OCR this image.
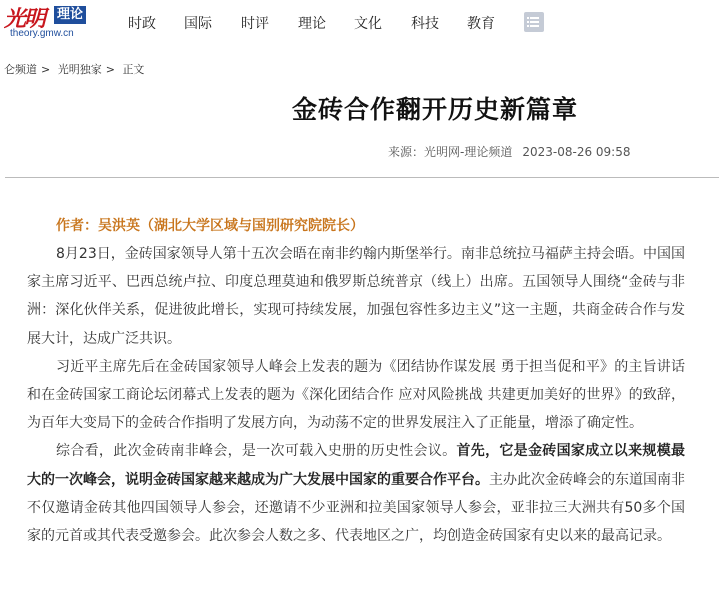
光明 理论
theory.gmw.cn
时政 国际 时评 理论 文化 科技 教育
仑频道 > 光明独家 > 正文
金砖合作翻开历史新篇章
来源：光明网-理论频道 2023-08-26 09:58

作者：吴洪英（湖北大学区域与国别研究院院长）

8月23日，金砖国家领导人第十五次会晤在南非约翰内斯堡举行。南非总统拉马福萨主持会晤。中国国家主席习近平、巴西总统卢拉、印度总理莫迪和俄罗斯总统普京（线上）出席。五国领导人围绕“金砖与非洲：深化伙伴关系，促进彼此增长，实现可持续发展，加强包容性多边主义”这一主题，共商金砖合作与发展大计，达成广泛共识。

习近平主席先后在金砖国家领导人峰会上发表的题为《团结协作谋发展 勇于担当促和平》的主旨讲话和在金砖国家工商论坛闭幕式上发表的题为《深化团结合作 应对风险挑战 共建更加美好的世界》的致辞，为百年大变局下的金砖合作指明了发展方向，为动荡不定的世界发展注入了正能量，增添了确定性。

综合看，此次金砖南非峰会，是一次可载入史册的历史性会议。首先，它是金砖国家成立以来规模最大的一次峰会，说明金砖国家越来越成为广大发展中国家的重要合作平台。主办此次金砖峰会的东道国南非不仅邀请金砖其他四国领导人参会，还邀请不少亚洲和拉美国家领导人参会，亚非拉三大洲共有50多个国家的元首或其代表受邀参会。此次参会人数之多、代表地区之广，均创造金砖国家有史以来的最高记录。
